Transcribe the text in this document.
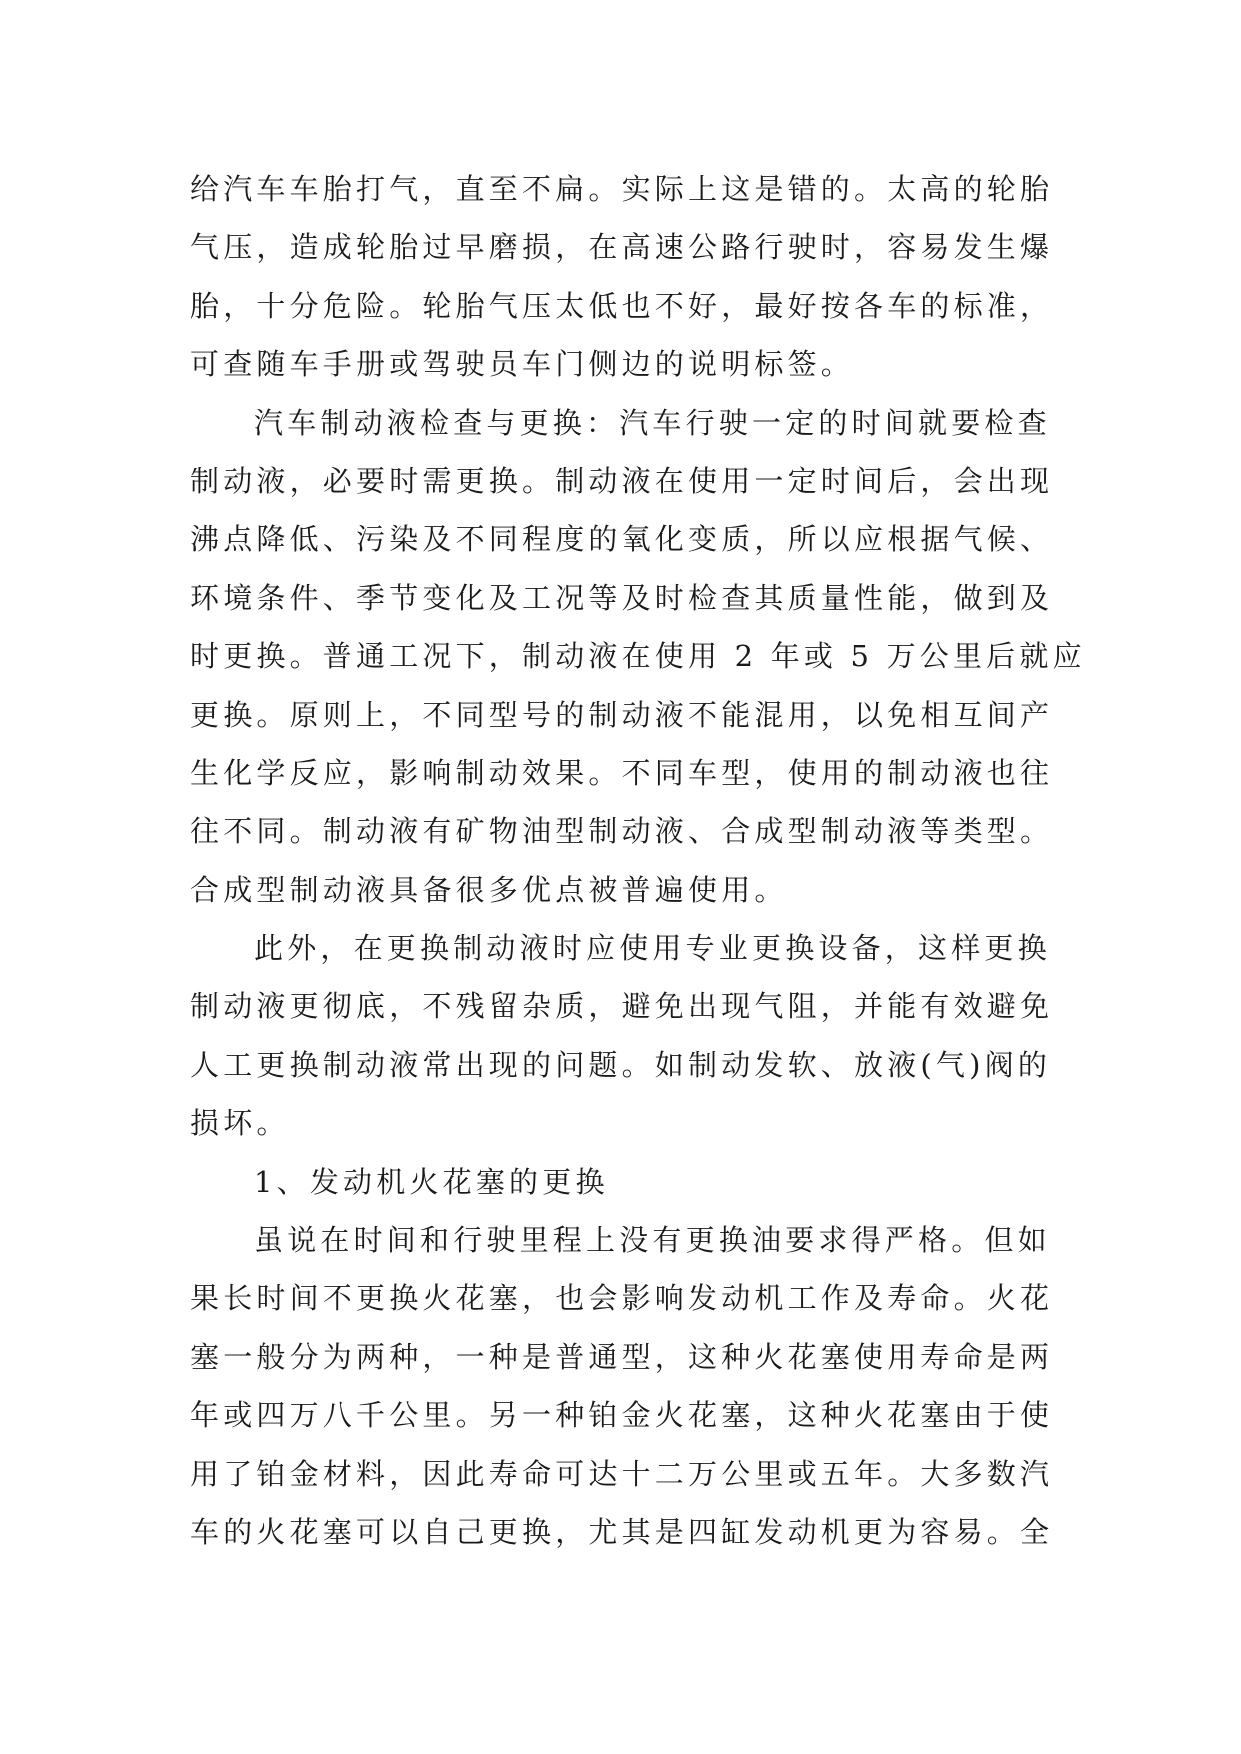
给汽车车胎打气，直至不扁。实际上这是错的。太高的轮胎
气压，造成轮胎过早磨损，在高速公路行驶时，容易发生爆
胎，十分危险。轮胎气压太低也不好，最好按各车的标准，
可查随车手册或驾驶员车门侧边的说明标签。
汽车制动液检查与更换：汽车行驶一定的时间就要检查
制动液，必要时需更换。制动液在使用一定时间后，会出现
沸点降低、污染及不同程度的氧化变质，所以应根据气候、
环境条件、季节变化及工况等及时检查其质量性能，做到及
时更换。普通工况下，制动液在使用 2 年或 5 万公里后就应
更换。原则上，不同型号的制动液不能混用，以免相互间产
生化学反应，影响制动效果。不同车型，使用的制动液也往
往不同。制动液有矿物油型制动液、合成型制动液等类型。
合成型制动液具备很多优点被普遍使用。
此外，在更换制动液时应使用专业更换设备，这样更换
制动液更彻底，不残留杂质，避免出现气阻，并能有效避免
人工更换制动液常出现的问题。如制动发软、放液(气)阀的
损坏。
1、发动机火花塞的更换
虽说在时间和行驶里程上没有更换油要求得严格。但如
果长时间不更换火花塞，也会影响发动机工作及寿命。火花
塞一般分为两种，一种是普通型，这种火花塞使用寿命是两
年或四万八千公里。另一种铂金火花塞，这种火花塞由于使
用了铂金材料，因此寿命可达十二万公里或五年。大多数汽
车的火花塞可以自己更换，尤其是四缸发动机更为容易。全
